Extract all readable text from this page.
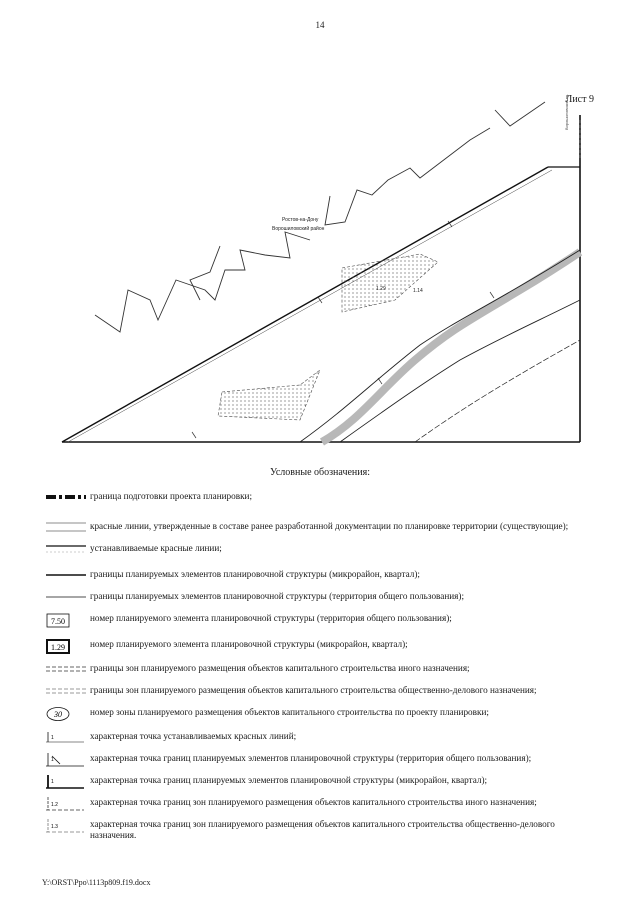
14
Лист 9
Ростов-на-Дону
Ворошиловский район
1.14
1.29
Ворошиловский пр.
Условные обозначения:
граница подготовки проекта планировки;
красные линии, утвержденные в составе ранее разработанной документации по планировке территории (существующие);
устанавливаемые красные линии;
границы планируемых элементов планировочной структуры (микрорайон, квартал);
границы планируемых элементов планировочной структуры (территория общего пользования);
7.50	номер планируемого элемента планировочной структуры (территория общего пользования);
1.29	номер планируемого элемента планировочной структуры (микрорайон, квартал);
границы зон планируемого размещения объектов капитального строительства иного назначения;
границы зон планируемого размещения объектов капитального строительства общественно-делового назначения;
30	номер зоны планируемого размещения объектов капитального строительства по проекту планировки;
1	характерная точка устанавливаемых красных линий;
1	характерная точка границ планируемых элементов планировочной структуры (территория общего пользования);
1	характерная точка границ планируемых элементов планировочной структуры (микрорайон, квартал);
1.2	характерная точка границ зон планируемого размещения объектов капитального строительства иного назначения;
1.3	характерная точка границ зон планируемого размещения объектов капитального строительства общественно-делового назначения.
Y:\ORST\Ppo\1113p809.f19.docx
